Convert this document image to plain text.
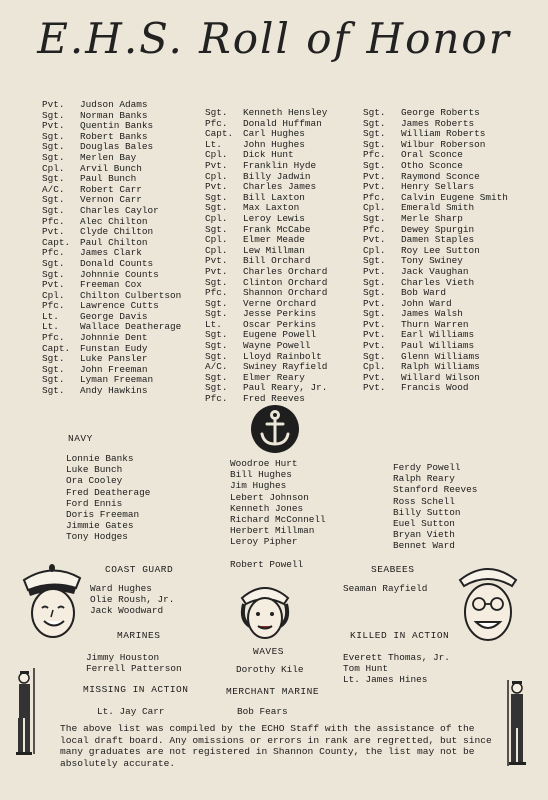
E.H.S. Roll of Honor
Pvt.	Judson Adams
Sgt.	Norman Banks
Pvt.	Quentin Banks
Sgt.	Robert Banks
Sgt.	Douglas Bales
Sgt.	Merlen Bay
Cpl.	Arvil Bunch
Sgt.	Paul Bunch
A/C.	Robert Carr
Sgt.	Vernon Carr
Sgt.	Charles Caylor
Pfc.	Alec Chilton
Pvt.	Clyde Chilton
Capt.	Paul Chilton
Pfc.	James Clark
Sgt.	Donald Counts
Sgt.	Johnnie Counts
Pvt.	Freeman Cox
Cpl.	Chilton Culbertson
Pfc.	Lawrence Cutts
Lt.	George Davis
Lt.	Wallace Deatherage
Pfc.	Johnnie Dent
Capt.	Funstan Eudy
Sgt.	Luke Pansler
Sgt.	John Freeman
Sgt.	Lyman Freeman
Sgt.	Andy Hawkins
Sgt.	Kenneth Hensley
Pfc.	Donald Huffman
Capt.	Carl Hughes
Lt.	John Hughes
Cpl.	Dick Hunt
Pvt.	Franklin Hyde
Cpl.	Billy Jadwin
Pvt.	Charles James
Sgt.	Bill Laxton
Sgt.	Max Laxton
Cpl.	Leroy Lewis
Sgt.	Frank McCabe
Cpl.	Elmer Meade
Cpl.	Lew Millman
Pvt.	Bill Orchard
Pvt.	Charles Orchard
Sgt.	Clinton Orchard
Pfc.	Shannon Orchard
Sgt.	Verne Orchard
Sgt.	Jesse Perkins
Lt.	Oscar Perkins
Sgt.	Eugene Powell
Sgt.	Wayne Powell
Sgt.	Lloyd Rainbolt
A/C.	Swiney Rayfield
Sgt.	Elmer Reary
Sgt.	Paul Reary, Jr.
Pfc.	Fred Reeves
Sgt.	George Roberts
Sgt.	James Roberts
Sgt.	William Roberts
Sgt.	Wilbur Roberson
Pfc.	Oral Sconce
Sgt.	Otho Sconce
Pvt.	Raymond Sconce
Pvt.	Henry Sellars
Pfc.	Calvin Eugene Smith
Cpl.	Emerald Smith
Sgt.	Merle Sharp
Pfc.	Dewey Spurgin
Pvt.	Damen Staples
Cpl.	Roy Lee Sutton
Sgt.	Tony Swiney
Pvt.	Jack Vaughan
Sgt.	Charles Vieth
Sgt.	Bob Ward
Pvt.	John Ward
Sgt.	James Walsh
Pvt.	Thurn Warren
Pvt.	Earl Williams
Pvt.	Paul Williams
Sgt.	Glenn Williams
Cpl.	Ralph Williams
Pvt.	Willard Wilson
Pvt.	Francis Wood
NAVY
Lonnie Banks
Luke Bunch
Ora Cooley
Fred Deatherage
Ford Ennis
Doris Freeman
Jimmie Gates
Tony Hodges
Woodroe Hurt
Bill Hughes
Jim Hughes
Lebert Johnson
Kenneth Jones
Richard McConnell
Herbert Millman
Leroy Pipher

Robert Powell
Ferdy Powell
Ralph Reary
Stanford Reeves
Ross Schell
Billy Sutton
Euel Sutton
Bryan Vieth
Bennet Ward
COAST GUARD
Ward Hughes
Olie Roush, Jr.
Jack Woodward
SEABEES
Seaman Rayfield
MARINES
Jimmy Houston
Ferrell Patterson
WAVES
Dorothy Kile
KILLED IN ACTION
Everett Thomas, Jr.
Tom Hunt
Lt. James Hines
MISSING IN ACTION
Lt. Jay Carr
MERCHANT MARINE
Bob Fears
The above list was compiled by the ECHO Staff with the assistance of the local draft board. Any omissions or errors in rank are regretted, but since many graduates are not registered in Shannon County, the list may not be absolutely accurate.
